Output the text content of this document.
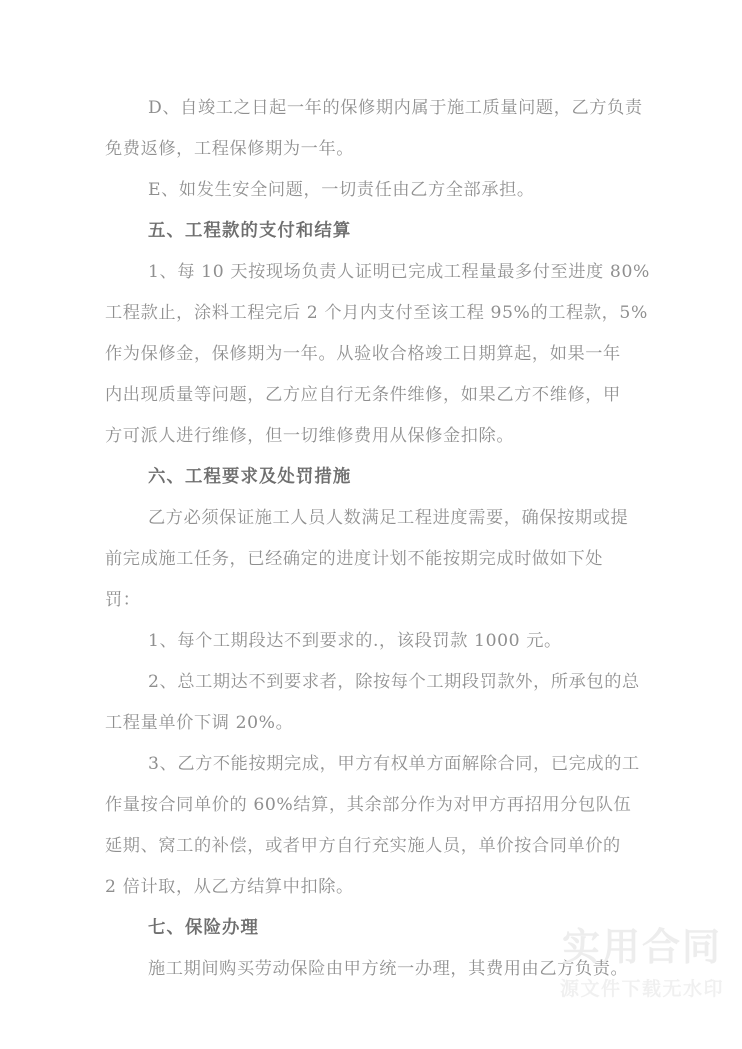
D、自竣工之日起一年的保修期内属于施工质量问题，乙方负责
免费返修，工程保修期为一年。
E、如发生安全问题，一切责任由乙方全部承担。
五、工程款的支付和结算
1、每 10 天按现场负责人证明已完成工程量最多付至进度 80%
工程款止，涂料工程完后 2 个月内支付至该工程 95%的工程款，5%
作为保修金，保修期为一年。从验收合格竣工日期算起，如果一年
内出现质量等问题，乙方应自行无条件维修，如果乙方不维修，甲
方可派人进行维修，但一切维修费用从保修金扣除。
六、工程要求及处罚措施
乙方必须保证施工人员人数满足工程进度需要，确保按期或提
前完成施工任务，已经确定的进度计划不能按期完成时做如下处
罚：
1、每个工期段达不到要求的.，该段罚款 1000 元。
2、总工期达不到要求者，除按每个工期段罚款外，所承包的总
工程量单价下调 20%。
3、乙方不能按期完成，甲方有权单方面解除合同，已完成的工
作量按合同单价的 60%结算，其余部分作为对甲方再招用分包队伍
延期、窝工的补偿，或者甲方自行充实施人员，单价按合同单价的
2 倍计取，从乙方结算中扣除。
七、保险办理
施工期间购买劳动保险由甲方统一办理，其费用由乙方负责。
实用合同
源文件下载无水印
